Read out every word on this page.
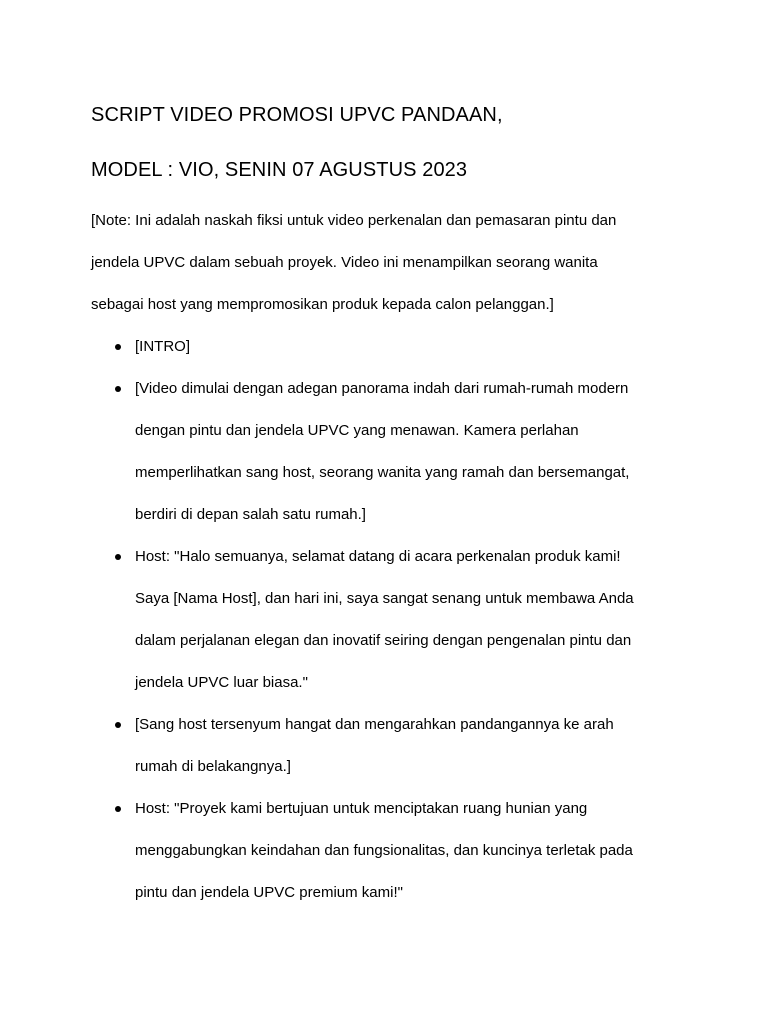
SCRIPT VIDEO PROMOSI UPVC PANDAAN,
MODEL : VIO, SENIN 07 AGUSTUS 2023

[Note: Ini adalah naskah fiksi untuk video perkenalan dan pemasaran pintu dan
jendela UPVC dalam sebuah proyek. Video ini menampilkan seorang wanita
sebagai host yang mempromosikan produk kepada calon pelanggan.]

[INTRO]
[Video dimulai dengan adegan panorama indah dari rumah-rumah modern
dengan pintu dan jendela UPVC yang menawan. Kamera perlahan
memperlihatkan sang host, seorang wanita yang ramah dan bersemangat,
berdiri di depan salah satu rumah.]
Host: "Halo semuanya, selamat datang di acara perkenalan produk kami!
Saya [Nama Host], dan hari ini, saya sangat senang untuk membawa Anda
dalam perjalanan elegan dan inovatif seiring dengan pengenalan pintu dan
jendela UPVC luar biasa."
[Sang host tersenyum hangat dan mengarahkan pandangannya ke arah
rumah di belakangnya.]
Host: "Proyek kami bertujuan untuk menciptakan ruang hunian yang
menggabungkan keindahan dan fungsionalitas, dan kuncinya terletak pada
pintu dan jendela UPVC premium kami!"
